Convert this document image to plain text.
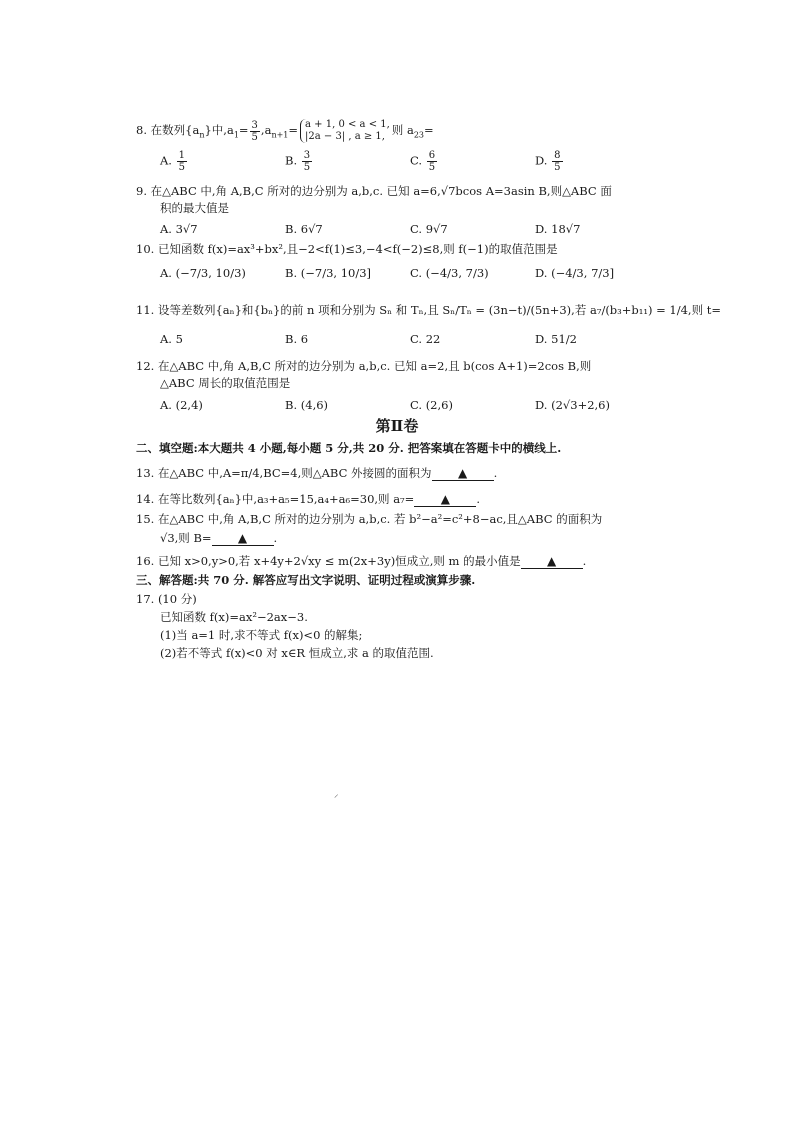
8. 在数列$\{a_n\}$中$,a_1= \frac{3}{5} ,a_{n+1}= a + 1$, 0 < a < 1,
|2a − 3| , a ≥ 1, 则 $a_{23}=$
A. $\frac{1}{5}$	B. $\frac{3}{5}$	C. $\frac{6}{5}$	D. $\frac{8}{5}$
9. 在△ABC 中,角 A,B,C 所对的边分别为 a,b,c. 已知 a=6,√7bcos A=3asin B,则△ABC 面
积的最大值是
A. 3√7	B. 6√7	C. 9√7	D. 18√7
10. 已知函数 f(x)=ax³+bx²,且−2<f(1)≤3,−4<f(−2)≤8,则 f(−1)的取值范围是
A. (−7/3, 10/3)	B. (−7/3, 10/3]	C. (−4/3, 7/3)	D. (−4/3, 7/3]
11. 设等差数列{aₙ}和{bₙ}的前 n 项和分别为 Sₙ 和 Tₙ,且 Sₙ/Tₙ = (3n−t)/(5n+3),若 a₇/(b₃+b₁₁) = 1/4,则 t=
A. 5	B. 6	C. 22	D. 51/2
12. 在△ABC 中,角 A,B,C 所对的边分别为 a,b,c. 已知 a=2,且 b(cos A+1)=2cos B,则
△ABC 周长的取值范围是
A. (2,4)	B. (4,6)	C. (2,6)	D. (2√3+2,6)
第Ⅱ卷
二、填空题:本大题共 4 小题,每小题 5 分,共 20 分. 把答案填在答题卡中的横线上.
13. 在△ABC 中,A=π/4,BC=4,则△ABC 外接圆的面积为 ▲ .
14. 在等比数列{aₙ}中,a₃+a₅=15,a₄+a₆=30,则 a₇= ▲ .
15. 在△ABC 中,角 A,B,C 所对的边分别为 a,b,c. 若 b²−a²=c²+8−ac,且△ABC 的面积为
√3,则 B= ▲ .
16. 已知 x>0,y>0,若 x+4y+2√xy ≤ m(2x+3y)恒成立,则 m 的最小值是 ▲ .
三、解答题:共 70 分. 解答应写出文字说明、证明过程或演算步骤.
17. (10 分)
已知函数 f(x)=ax²−2ax−3.
(1)当 a=1 时,求不等式 f(x)<0 的解集;
(2)若不等式 f(x)<0 对 x∈R 恒成立,求 a 的取值范围.
⸝
